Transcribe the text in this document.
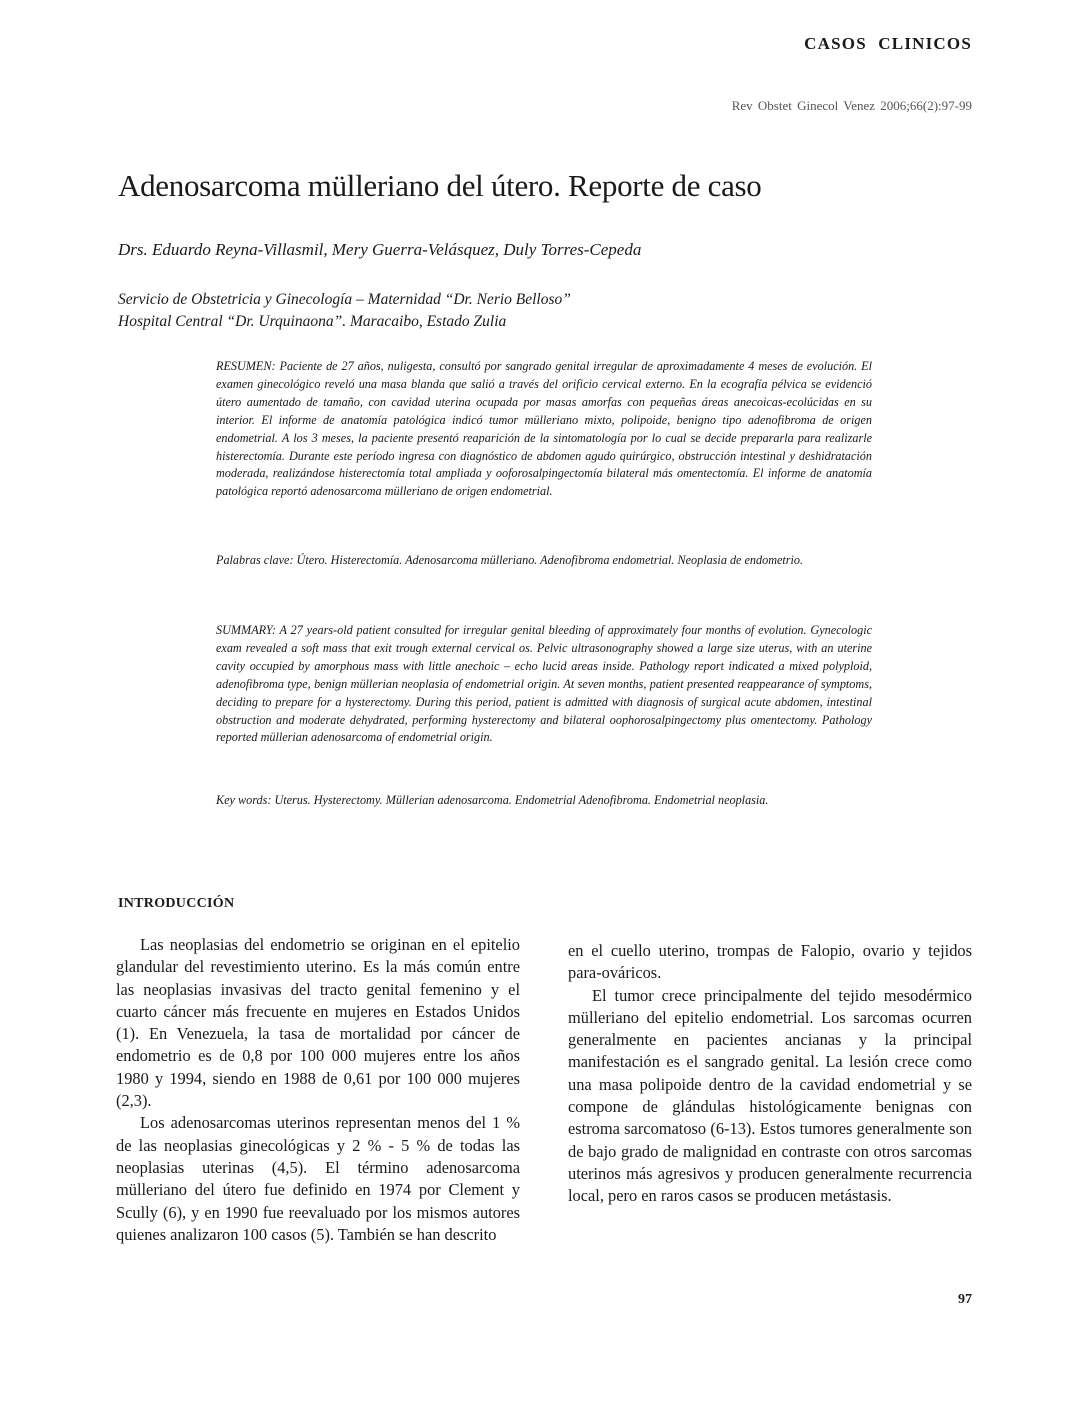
CASOS CLINICOS
Rev Obstet Ginecol Venez 2006;66(2):97-99
Adenosarcoma mülleriano del útero. Reporte de caso
Drs. Eduardo Reyna-Villasmil, Mery Guerra-Velásquez, Duly Torres-Cepeda
Servicio de Obstetricia y Ginecología – Maternidad “Dr. Nerio Belloso”
Hospital Central “Dr. Urquinaona”. Maracaibo, Estado Zulia

RESUMEN: Paciente de 27 años, nuligesta, consultó por sangrado genital irregular de aproximadamente 4 meses de evolución. El examen ginecológico reveló una masa blanda que salió a través del orificio cervical externo. En la ecografía pélvica se evidenció útero aumentado de tamaño, con cavidad uterina ocupada por masas amorfas con pequeñas áreas anecoicas-ecolúcidas en su interior. El informe de anatomía patológica indicó tumor mülleriano mixto, polipoide, benigno tipo adenofibroma de origen endometrial. A los 3 meses, la paciente presentó reaparición de la sintomatología por lo cual se decide prepararla para realizarle histerectomía. Durante este período ingresa con diagnóstico de abdomen agudo quirúrgico, obstrucción intestinal y deshidratación moderada, realizándose histerectomía total ampliada y ooforosalpingectomía bilateral más omentectomía. El informe de anatomía patológica reportó adenosarcoma mülleriano de origen endometrial.

Palabras clave: Útero. Histerectomía. Adenosarcoma mülleriano. Adenofibroma endometrial. Neoplasia de endometrio.

SUMMARY: A 27 years-old patient consulted for irregular genital bleeding of approximately four months of evolution. Gynecologic exam revealed a soft mass that exit trough external cervical os. Pelvic ultrasonography showed a large size uterus, with an uterine cavity occupied by amorphous mass with little anechoic – echo lucid areas inside. Pathology report indicated a mixed polyploid, adenofibroma type, benign müllerian neoplasia of endometrial origin. At seven months, patient presented reappearance of symptoms, deciding to prepare for a hysterectomy. During this period, patient is admitted with diagnosis of surgical acute abdomen, intestinal obstruction and moderate dehydrated, performing hysterectomy and bilateral oophorosalpingectomy plus omentectomy. Pathology reported müllerian adenosarcoma of endometrial origin.

Key words: Uterus. Hysterectomy. Müllerian adenosarcoma. Endometrial Adenofibroma. Endometrial neoplasia.

INTRODUCCIÓN

Las neoplasias del endometrio se originan en el epitelio glandular del revestimiento uterino. Es la más común entre las neoplasias invasivas del tracto genital femenino y el cuarto cáncer más frecuente en mujeres en Estados Unidos (1). En Venezuela, la tasa de mortalidad por cáncer de endometrio es de 0,8 por 100 000 mujeres entre los años 1980 y 1994, siendo en 1988 de 0,61 por 100 000 mujeres (2,3).

Los adenosarcomas uterinos representan menos del 1 % de las neoplasias ginecológicas y 2 % - 5 % de todas las neoplasias uterinas (4,5). El término adenosarcoma mülleriano del útero fue definido en 1974 por Clement y Scully (6), y en 1990 fue reevaluado por los mismos autores quienes analizaron 100 casos (5). También se han descrito

en el cuello uterino, trompas de Falopio, ovario y tejidos para-ováricos.

El tumor crece principalmente del tejido mesodérmico mülleriano del epitelio endometrial. Los sarcomas ocurren generalmente en pacientes ancianas y la principal manifestación es el sangrado genital. La lesión crece como una masa polipoide dentro de la cavidad endometrial y se compone de glándulas histológicamente benignas con estroma sarcomatoso (6-13). Estos tumores generalmente son de bajo grado de malignidad en contraste con otros sarcomas uterinos más agresivos y producen generalmente recurrencia local, pero en raros casos se producen metástasis.

97
